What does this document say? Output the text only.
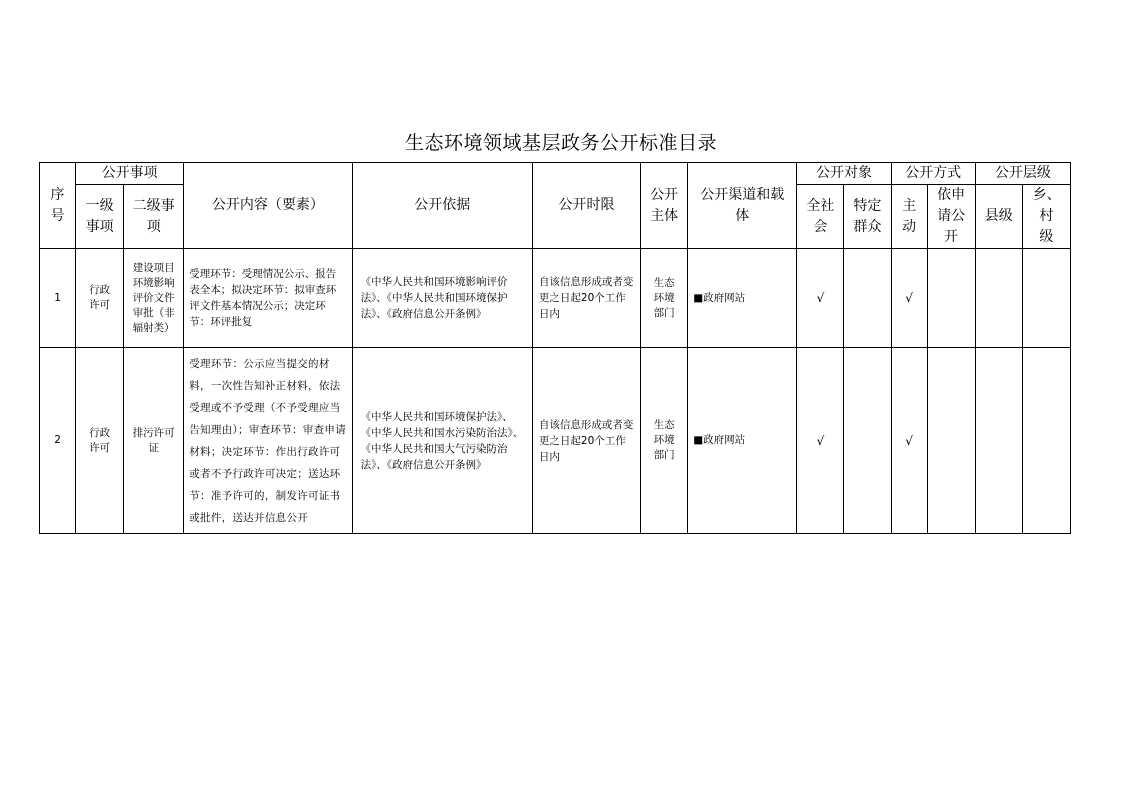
生态环境领域基层政务公开标准目录
序号	公开事项		公开内容（要素）	公开依据	公开时限	公开主体	公开渠道和载体	公开对象		公开方式		公开层级	
	一级事项	二级事项						全社会	特定群众	主动	依申请公开	县级	乡、村级
1	行政许可	建设项目环境影响评价文件审批（非辐射类）	受理环节：受理情况公示、报告表全本；拟决定环节：拟审查环评文件基本情况公示；决定环节：环评批复	《中华人民共和国环境影响评价法》、《中华人民共和国环境保护法》、《政府信息公开条例》	自该信息形成或者变更之日起20个工作日内	生态环境部门	■政府网站	√		√			
2	行政许可	排污许可证	受理环节：公示应当提交的材料，一次性告知补正材料，依法受理或不予受理（不予受理应当告知理由）；审查环节：审查申请材料；决定环节：作出行政许可或者不予行政许可决定；送达环节：准予许可的，制发许可证书或批件，送达并信息公开	《中华人民共和国环境保护法》、《中华人民共和国水污染防治法》、《中华人民共和国大气污染防治法》、《政府信息公开条例》	自该信息形成或者变更之日起20个工作日内	生态环境部门	■政府网站	√		√			
